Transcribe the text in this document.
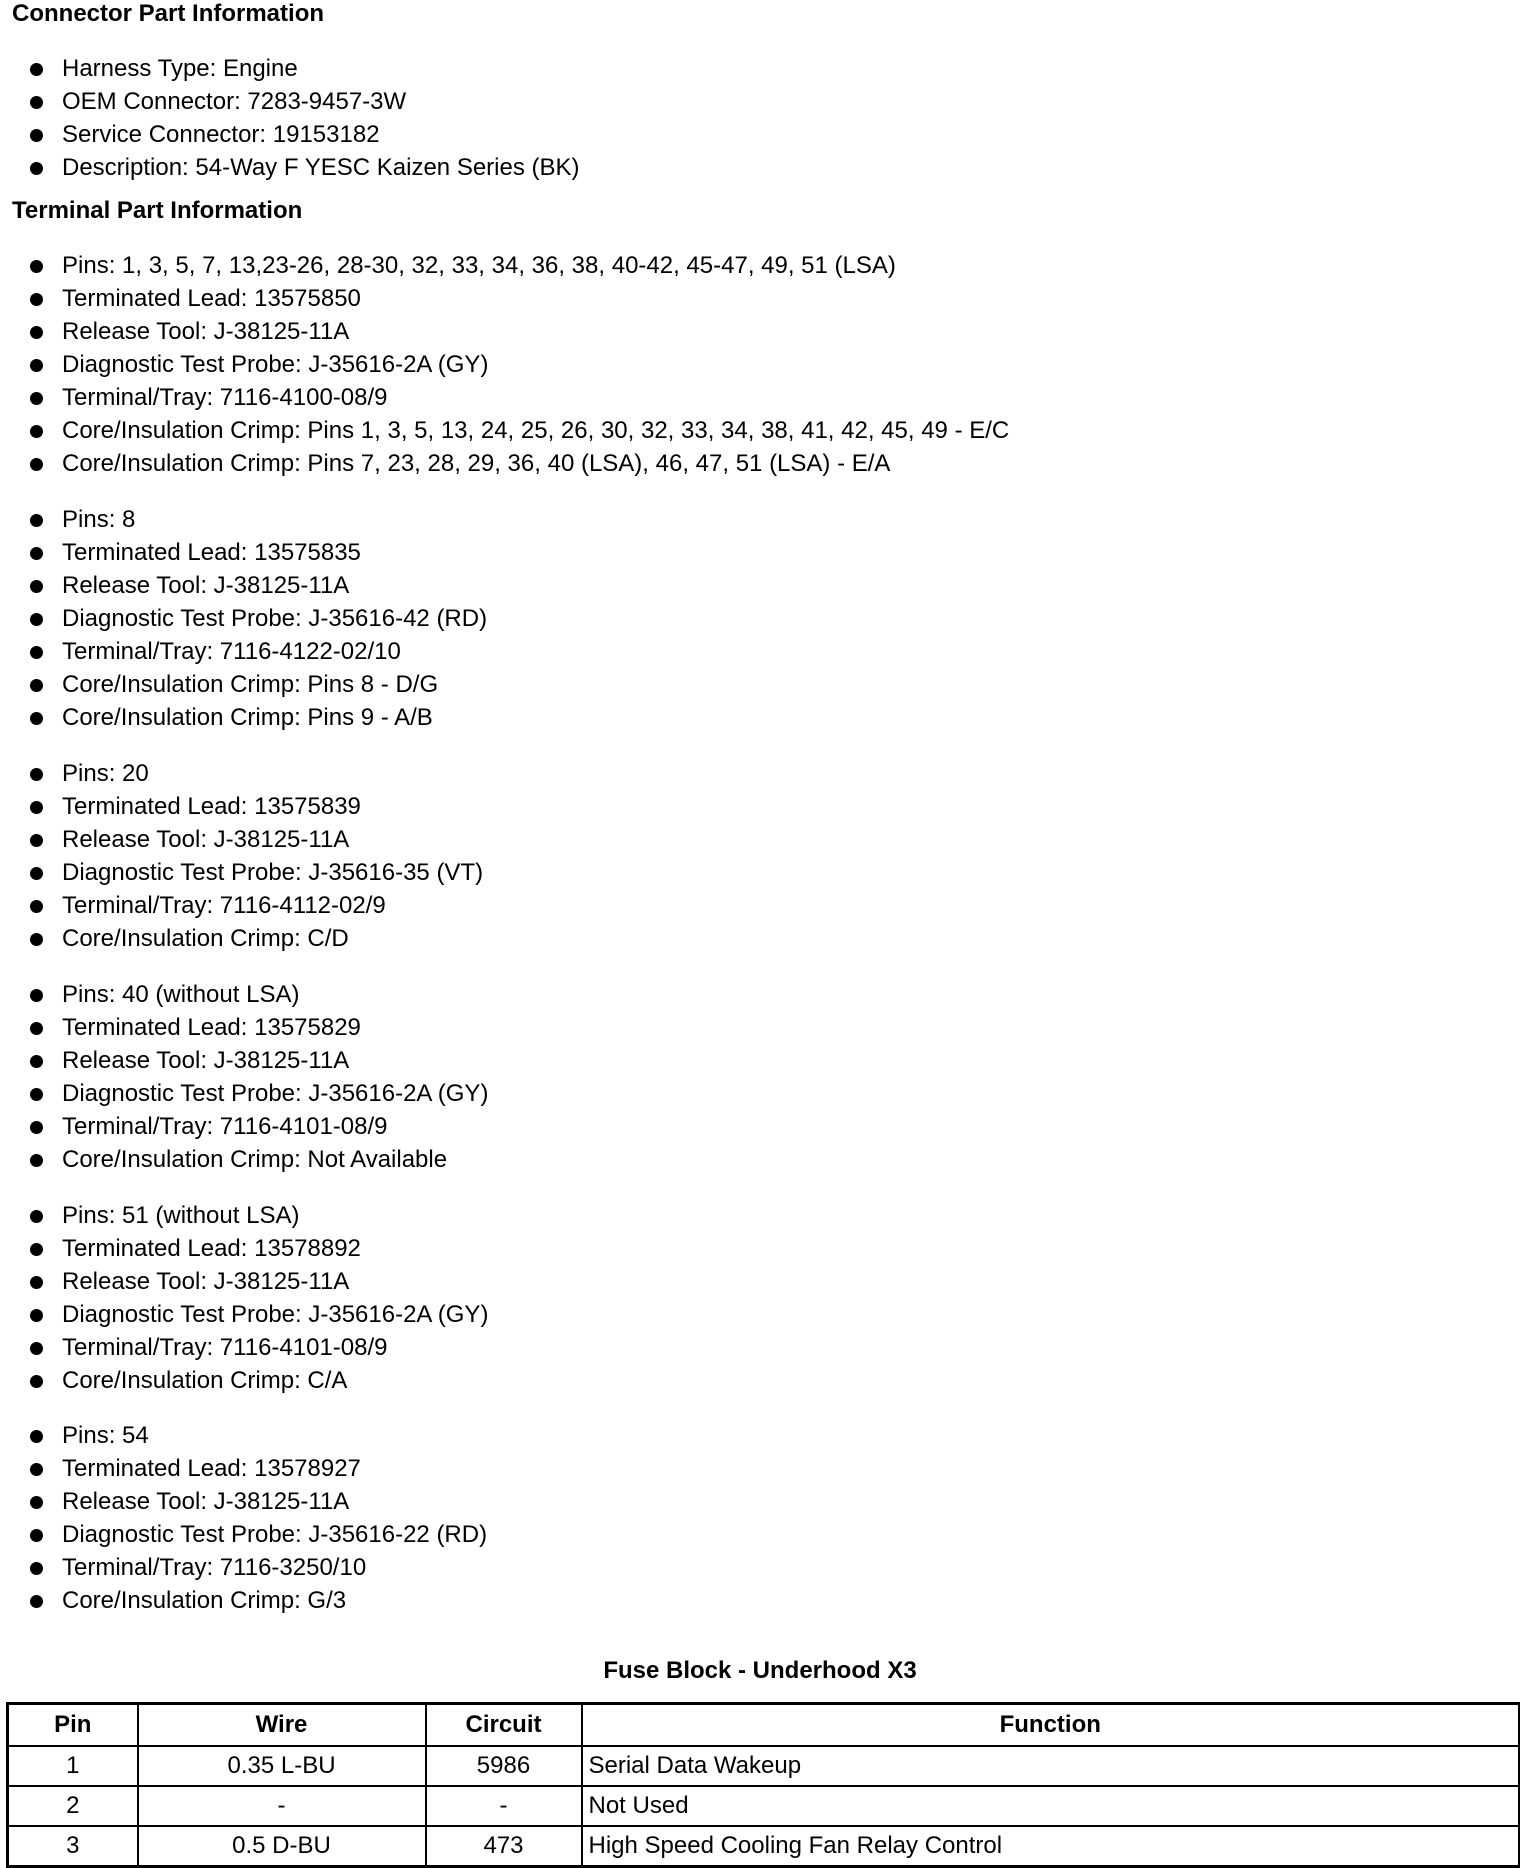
Connector Part Information
Harness Type: Engine
OEM Connector: 7283-9457-3W
Service Connector: 19153182
Description: 54-Way F YESC Kaizen Series (BK)
Terminal Part Information
Pins: 1, 3, 5, 7, 13,23-26, 28-30, 32, 33, 34, 36, 38, 40-42, 45-47, 49, 51 (LSA)
Terminated Lead: 13575850
Release Tool: J-38125-11A
Diagnostic Test Probe: J-35616-2A (GY)
Terminal/Tray: 7116-4100-08/9
Core/Insulation Crimp: Pins 1, 3, 5, 13, 24, 25, 26, 30, 32, 33, 34, 38, 41, 42, 45, 49 - E/C
Core/Insulation Crimp: Pins 7, 23, 28, 29, 36, 40 (LSA), 46, 47, 51 (LSA) - E/A
Pins: 8
Terminated Lead: 13575835
Release Tool: J-38125-11A
Diagnostic Test Probe: J-35616-42 (RD)
Terminal/Tray: 7116-4122-02/10
Core/Insulation Crimp: Pins 8 - D/G
Core/Insulation Crimp: Pins 9 - A/B
Pins: 20
Terminated Lead: 13575839
Release Tool: J-38125-11A
Diagnostic Test Probe: J-35616-35 (VT)
Terminal/Tray: 7116-4112-02/9
Core/Insulation Crimp: C/D
Pins: 40 (without LSA)
Terminated Lead: 13575829
Release Tool: J-38125-11A
Diagnostic Test Probe: J-35616-2A (GY)
Terminal/Tray: 7116-4101-08/9
Core/Insulation Crimp: Not Available
Pins: 51 (without LSA)
Terminated Lead: 13578892
Release Tool: J-38125-11A
Diagnostic Test Probe: J-35616-2A (GY)
Terminal/Tray: 7116-4101-08/9
Core/Insulation Crimp: C/A
Pins: 54
Terminated Lead: 13578927
Release Tool: J-38125-11A
Diagnostic Test Probe: J-35616-22 (RD)
Terminal/Tray: 7116-3250/10
Core/Insulation Crimp: G/3
Fuse Block - Underhood X3
Pin	Wire	Circuit	Function
1	0.35 L-BU	5986	Serial Data Wakeup
2	-	-	Not Used
3	0.5 D-BU	473	High Speed Cooling Fan Relay Control
